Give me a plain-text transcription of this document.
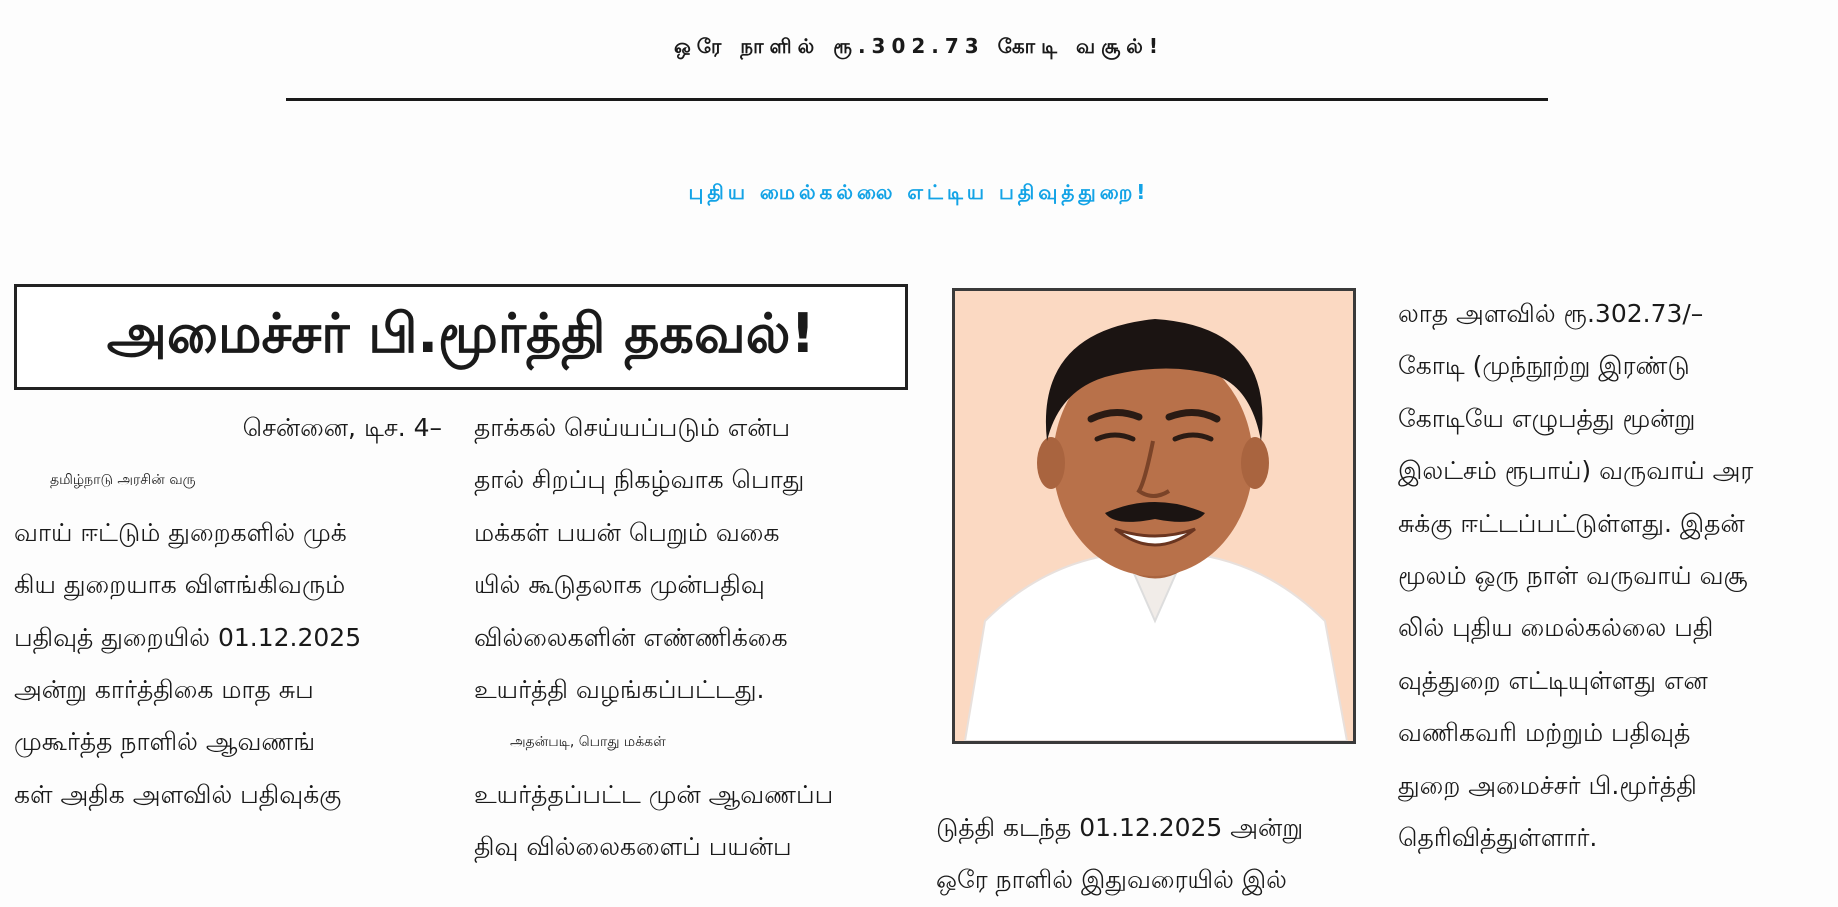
ஒரே நாளில் ரூ.302.73 கோடி வசூல்!
புதிய மைல்கல்லை எட்டிய பதிவுத்துறை!
அமைச்சர் பி.மூர்த்தி தகவல்!
சென்னை, டிச. 4–
தமிழ்நாடு அரசின் வரு
வாய் ஈட்டும் துறைகளில் முக்
கிய துறையாக விளங்கிவரும்
பதிவுத் துறையில் 01.12.2025
அன்று கார்த்திகை மாத சுப
முகூர்த்த நாளில் ஆவணங்
கள் அதிக அளவில் பதிவுக்கு
தாக்கல் செய்யப்படும் என்ப
தால் சிறப்பு நிகழ்வாக பொது
மக்கள் பயன் பெறும் வகை
யில் கூடுதலாக முன்பதிவு
வில்லைகளின் எண்ணிக்கை
உயர்த்தி வழங்கப்பட்டது.
அதன்படி, பொது மக்கள்
உயர்த்தப்பட்ட முன் ஆவணப்ப
திவு வில்லைகளைப் பயன்ப
டுத்தி கடந்த 01.12.2025 அன்று
ஒரே நாளில் இதுவரையில் இல்
லாத அளவில் ரூ.302.73/–
கோடி (முந்நூற்று இரண்டு
கோடியே எழுபத்து மூன்று
இலட்சம் ரூபாய்) வருவாய் அர
சுக்கு ஈட்டப்பட்டுள்ளது. இதன்
மூலம் ஒரு நாள் வருவாய் வசூ
லில் புதிய மைல்கல்லை பதி
வுத்துறை எட்டியுள்ளது என
வணிகவரி மற்றும் பதிவுத்
துறை அமைச்சர் பி.மூர்த்தி
தெரிவித்துள்ளார்.
